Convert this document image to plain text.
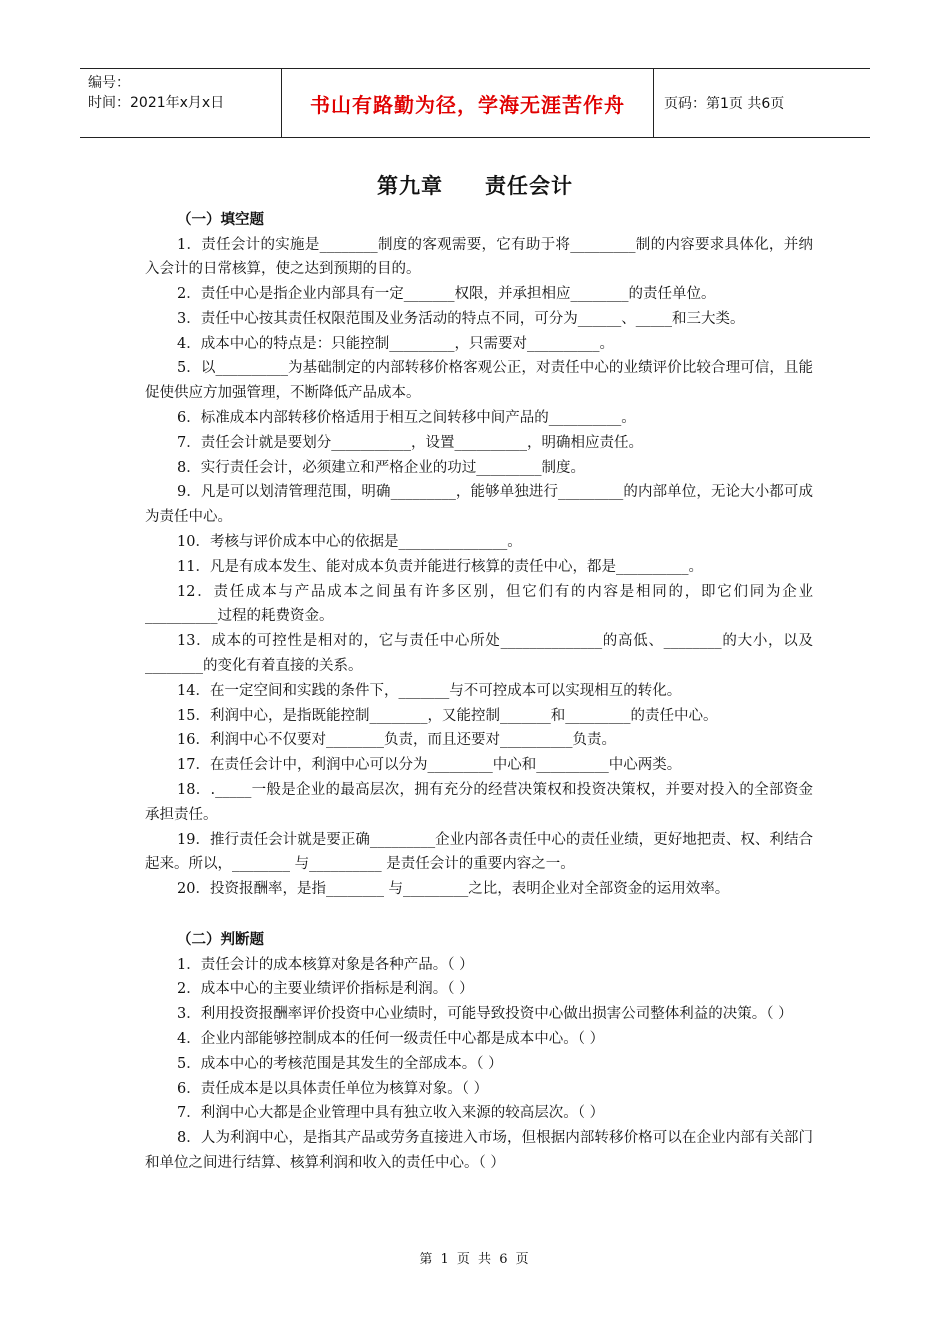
编号：
时间：2021年x月x日	书山有路勤为径，学海无涯苦作舟	页码：第1页 共6页
第九章 责任会计
（一）填空题

1．责任会计的实施是________制度的客观需要，它有助于将_________制的内容要求具体化，并纳入会计的日常核算，使之达到预期的目的。

2．责任中心是指企业内部具有一定_______权限，并承担相应________的责任单位。

3．责任中心按其责任权限范围及业务活动的特点不同，可分为______、_____和三大类。

4．成本中心的特点是：只能控制_________，只需要对__________。

5．以__________为基础制定的内部转移价格客观公正，对责任中心的业绩评价比较合理可信，且能促使供应方加强管理，不断降低产品成本。

6．标准成本内部转移价格适用于相互之间转移中间产品的__________。

7．责任会计就是要划分___________，设置__________，明确相应责任。

8．实行责任会计，必须建立和严格企业的功过_________制度。

9．凡是可以划清管理范围，明确_________，能够单独进行_________的内部单位，无论大小都可成为责任中心。

10．考核与评价成本中心的依据是_______________。

11．凡是有成本发生、能对成本负责并能进行核算的责任中心，都是__________。

12．责任成本与产品成本之间虽有许多区别，但它们有的内容是相同的，即它们同为企业__________过程的耗费资金。

13．成本的可控性是相对的，它与责任中心所处______________的高低、________的大小，以及________的变化有着直接的关系。

14．在一定空间和实践的条件下，_______与不可控成本可以实现相互的转化。

15．利润中心，是指既能控制________，又能控制_______和_________的责任中心。

16．利润中心不仅要对________负责，而且还要对__________负责。

17．在责任会计中，利润中心可以分为_________中心和__________中心两类。

18．._____一般是企业的最高层次，拥有充分的经营决策权和投资决策权，并要对投入的全部资金承担责任。

19．推行责任会计就是要正确_________企业内部各责任中心的责任业绩，更好地把责、权、利结合起来。所以，________ 与__________ 是责任会计的重要内容之一。

20．投资报酬率，是指________ 与_________之比，表明企业对全部资金的运用效率。

（二）判断题

1．责任会计的成本核算对象是各种产品。（ ）

2．成本中心的主要业绩评价指标是利润。（ ）

3．利用投资报酬率评价投资中心业绩时，可能导致投资中心做出损害公司整体利益的决策。（ ）

4．企业内部能够控制成本的任何一级责任中心都是成本中心。（ ）

5．成本中心的考核范围是其发生的全部成本。（ ）

6．责任成本是以具体责任单位为核算对象。（ ）

7．利润中心大都是企业管理中具有独立收入来源的较高层次。（ ）

8．人为利润中心，是指其产品或劳务直接进入市场，但根据内部转移价格可以在企业内部有关部门和单位之间进行结算、核算利润和收入的责任中心。（ ）

第 1 页 共 6 页
